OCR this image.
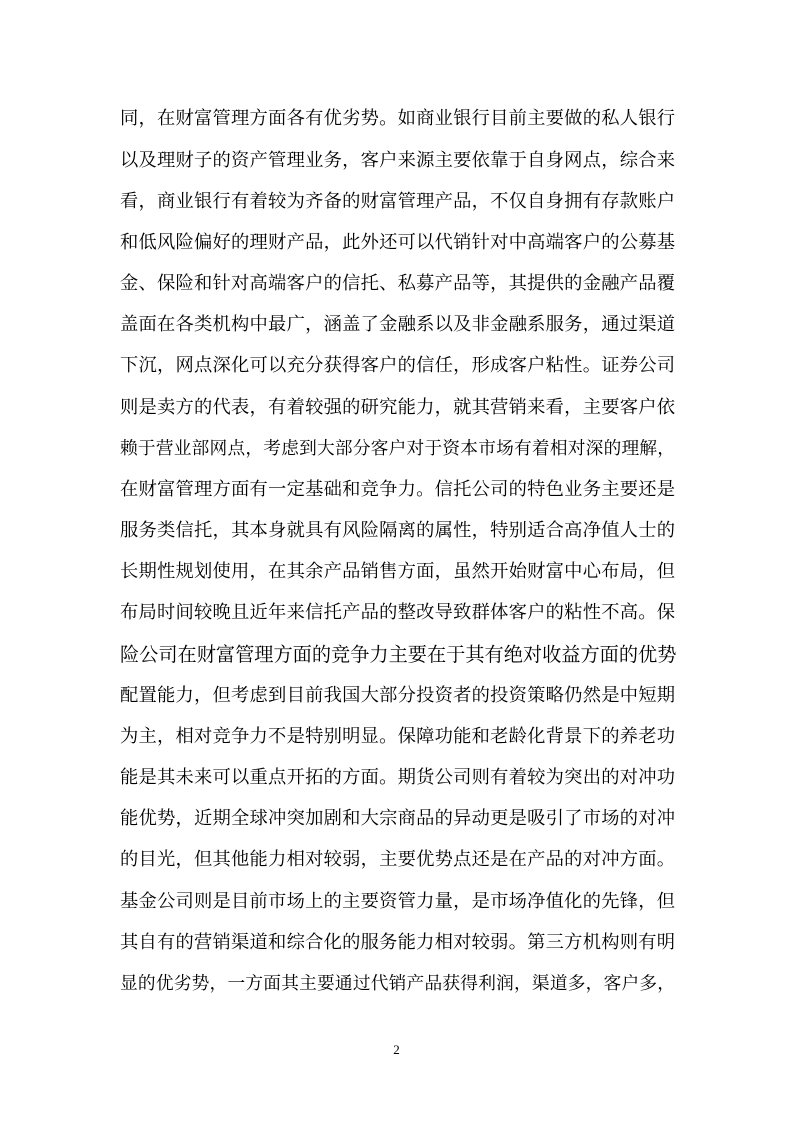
同，在财富管理方面各有优劣势。如商业银行目前主要做的私人银行
以及理财子的资产管理业务，客户来源主要依靠于自身网点，综合来
看，商业银行有着较为齐备的财富管理产品，不仅自身拥有存款账户
和低风险偏好的理财产品，此外还可以代销针对中高端客户的公募基
金、保险和针对高端客户的信托、私募产品等，其提供的金融产品覆
盖面在各类机构中最广，涵盖了金融系以及非金融系服务，通过渠道
下沉，网点深化可以充分获得客户的信任，形成客户粘性。证券公司
则是卖方的代表，有着较强的研究能力，就其营销来看，主要客户依
赖于营业部网点，考虑到大部分客户对于资本市场有着相对深的理解，
在财富管理方面有一定基础和竞争力。信托公司的特色业务主要还是
服务类信托，其本身就具有风险隔离的属性，特别适合高净值人士的
长期性规划使用，在其余产品销售方面，虽然开始财富中心布局，但
布局时间较晚且近年来信托产品的整改导致群体客户的粘性不高。保
险公司在财富管理方面的竞争力主要在于其有绝对收益方面的优势
配置能力，但考虑到目前我国大部分投资者的投资策略仍然是中短期
为主，相对竞争力不是特别明显。保障功能和老龄化背景下的养老功
能是其未来可以重点开拓的方面。期货公司则有着较为突出的对冲功
能优势，近期全球冲突加剧和大宗商品的异动更是吸引了市场的对冲
的目光，但其他能力相对较弱，主要优势点还是在产品的对冲方面。
基金公司则是目前市场上的主要资管力量，是市场净值化的先锋，但
其自有的营销渠道和综合化的服务能力相对较弱。第三方机构则有明
显的优劣势，一方面其主要通过代销产品获得利润，渠道多，客户多，
2
